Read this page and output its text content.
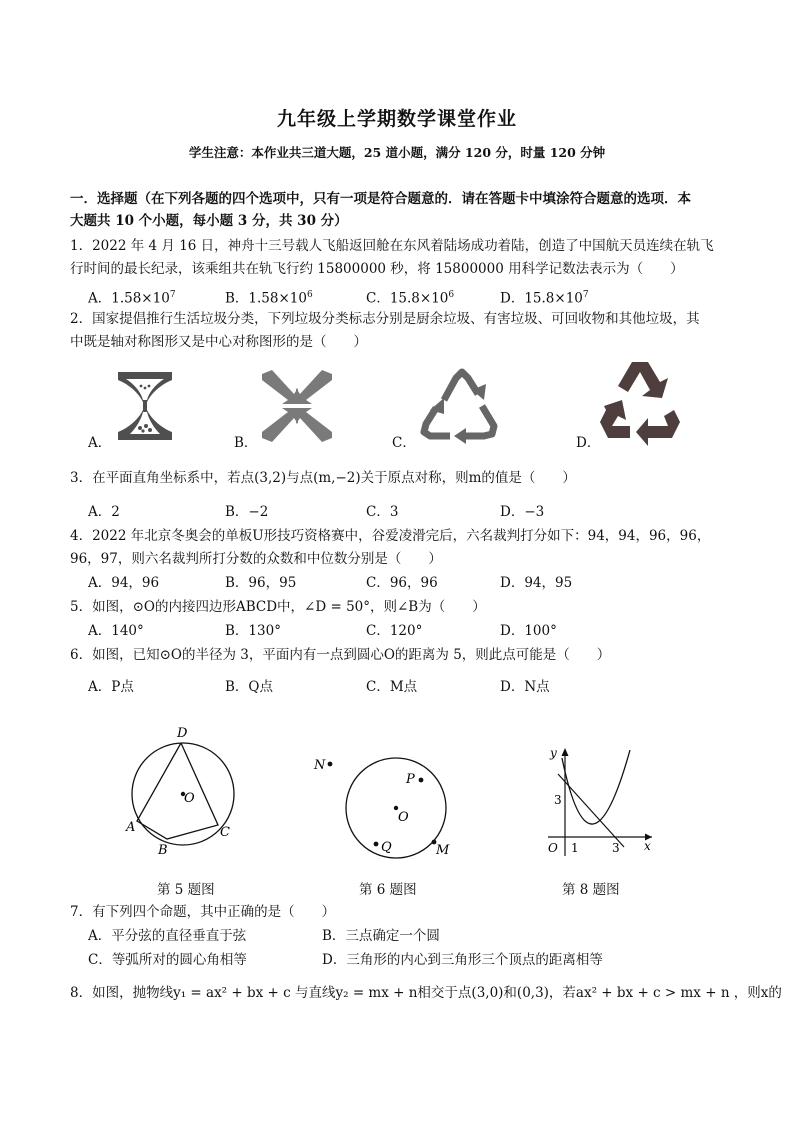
九年级上学期数学课堂作业
学生注意：本作业共三道大题，25 道小题，满分 120 分，时量 120 分钟
一．选择题（在下列各题的四个选项中，只有一项是符合题意的．请在答题卡中填涂符合题意的选项．本
大题共 10 个小题，每小题 3 分，共 30 分）
1．2022 年 4 月 16 日，神舟十三号载人飞船返回舱在东风着陆场成功着陆，创造了中国航天员连续在轨飞
行时间的最长纪录，该乘组共在轨飞行约 15800000 秒，将 15800000 用科学记数法表示为（　　）
A．$1.58\times 10^7$	B．$1.58\times 10^6$	C．$15.8\times 10^6$	D．$15.8\times 10^7$
2．国家提倡推行生活垃圾分类，下列垃圾分类标志分别是厨余垃圾、有害垃圾、可回收物和其他垃圾，其
中既是轴对称图形又是中心对称图形的是（　　）
A．	B．	C．	D．
3．在平面直角坐标系中，若点(3,2)与点(m,−2)关于原点对称，则m的值是（　　）
A．2	B．−2	C．3	D．−3
4．2022 年北京冬奥会的单板U形技巧资格赛中，谷爱凌滑完后，六名裁判打分如下：94，94，96，96，
96，97，则六名裁判所打分数的众数和中位数分别是（　　）
A．94，96	B．96，95	C．96，96	D．94，95
5．如图，⊙O的内接四边形ABCD中，∠D = 50°，则∠B为（　　）
A．140°	B．130°	C．120°	D．100°
6．如图，已知⊙O的半径为 3，平面内有一点到圆心O的距离为 5，则此点可能是（　　）
A．P点	B．Q点	C．M点	D．N点
D
O
A
B
C
第 5 题图
N
P
O
Q	M
第 6 题图
y
x
O 1	3
3
第 8 题图
7．有下列四个命题，其中正确的是（　　）
A．平分弦的直径垂直于弦	B．三点确定一个圆
C．等弧所对的圆心角相等	D．三角形的内心到三角形三个顶点的距离相等
8．如图，抛物线y₁ = ax² + bx + c 与直线y₂ = mx + n相交于点(3,0)和(0,3)，若ax² + bx + c > mx + n ，则x的
